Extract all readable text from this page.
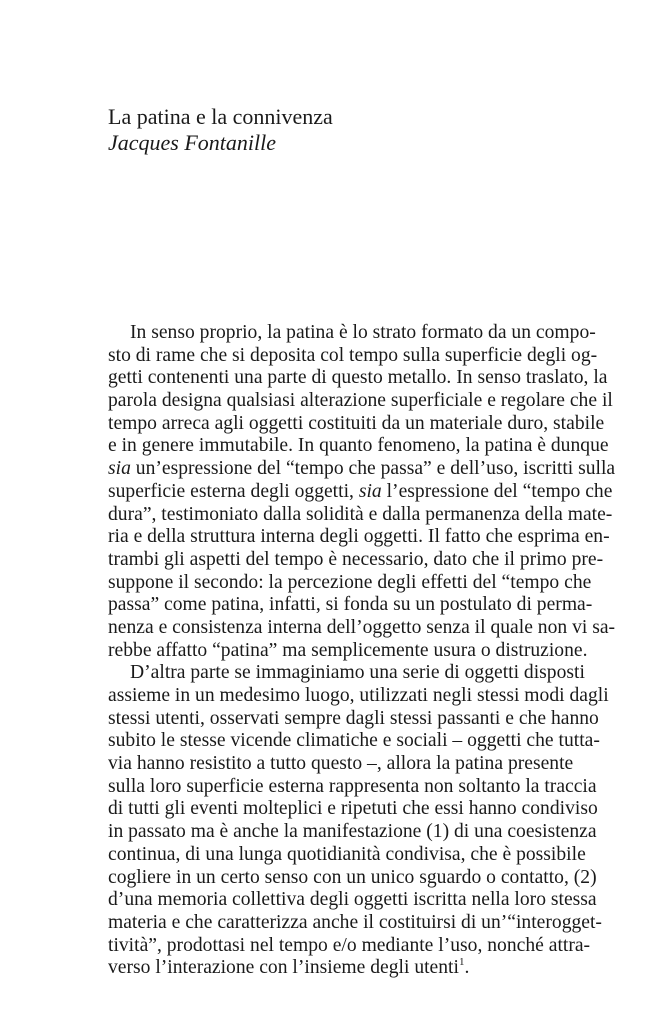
La patina e la connivenza

Jacques Fontanille

In senso proprio, la patina è lo strato formato da un compo-
sto di rame che si deposita col tempo sulla superficie degli og-
getti contenenti una parte di questo metallo. In senso traslato, la
parola designa qualsiasi alterazione superficiale e regolare che il
tempo arreca agli oggetti costituiti da un materiale duro, stabile
e in genere immutabile. In quanto fenomeno, la patina è dunque
sia un’espressione del “tempo che passa” e dell’uso, iscritti sulla
superficie esterna degli oggetti, sia l’espressione del “tempo che
dura”, testimoniato dalla solidità e dalla permanenza della mate-
ria e della struttura interna degli oggetti. Il fatto che esprima en-
trambi gli aspetti del tempo è necessario, dato che il primo pre-
suppone il secondo: la percezione degli effetti del “tempo che
passa” come patina, infatti, si fonda su un postulato di perma-
nenza e consistenza interna dell’oggetto senza il quale non vi sa-
rebbe affatto “patina” ma semplicemente usura o distruzione.
D’altra parte se immaginiamo una serie di oggetti disposti
assieme in un medesimo luogo, utilizzati negli stessi modi dagli
stessi utenti, osservati sempre dagli stessi passanti e che hanno
subito le stesse vicende climatiche e sociali – oggetti che tutta-
via hanno resistito a tutto questo –, allora la patina presente
sulla loro superficie esterna rappresenta non soltanto la traccia
di tutti gli eventi molteplici e ripetuti che essi hanno condiviso
in passato ma è anche la manifestazione (1) di una coesistenza
continua, di una lunga quotidianità condivisa, che è possibile
cogliere in un certo senso con un unico sguardo o contatto, (2)
d’una memoria collettiva degli oggetti iscritta nella loro stessa
materia e che caratterizza anche il costituirsi di un’“interogget-
tività”, prodottasi nel tempo e/o mediante l’uso, nonché attra-
verso l’interazione con l’insieme degli utenti$^1$.
